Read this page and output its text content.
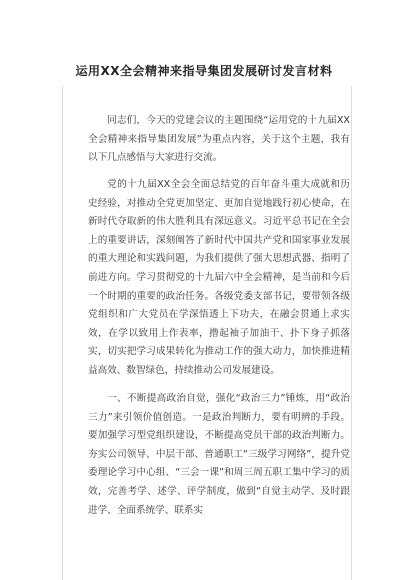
运用XX全会精神来指导集团发展研讨发言材料
同志们，今天的党建会议的主题围绕“运用党的十九届XX全会精神来指导集团发展”为重点内容，关于这个主题，我有以下几点感悟与大家进行交流。
党的十九届XX全会全面总结党的百年奋斗重大成就和历史经验，对推动全党更加坚定、更加自觉地践行初心使命，在新时代夺取新的伟大胜利具有深远意义。习近平总书记在全会上的重要讲话，深刻阐答了新时代中国共产党和国家事业发展的重大理论和实践问题，为我们提供了强大思想武器、指明了前进方向。学习贯彻党的十九届六中全会精神，是当前和今后一个时期的重要的政治任务。各级党委支部书记，要带领各级党组织和广大党员在学深悟透上下功夫，在融会贯通上求实效，在学以致用上作表率，撸起袖子加油干、扑下身子抓落实，切实把学习成果转化为推动工作的强大动力，加快推进精益高效、数智绿色，持续推动公司发展建设。
一、不断提高政治自觉，强化“政治三力”锤炼，用“政治三力”来引领价值创造。一是政治判断力，要有明辨的手段。要加强学习型党组织建设，不断提高党员干部的政治判断力。夯实公司领导、中层干部、普通职工“三级学习网络”，提升党委理论学习中心组、“三会一课”和周三周五职工集中学习的质效，完善考学、述学、评学制度，做到“自觉主动学、及时跟进学、全面系统学、联系实
